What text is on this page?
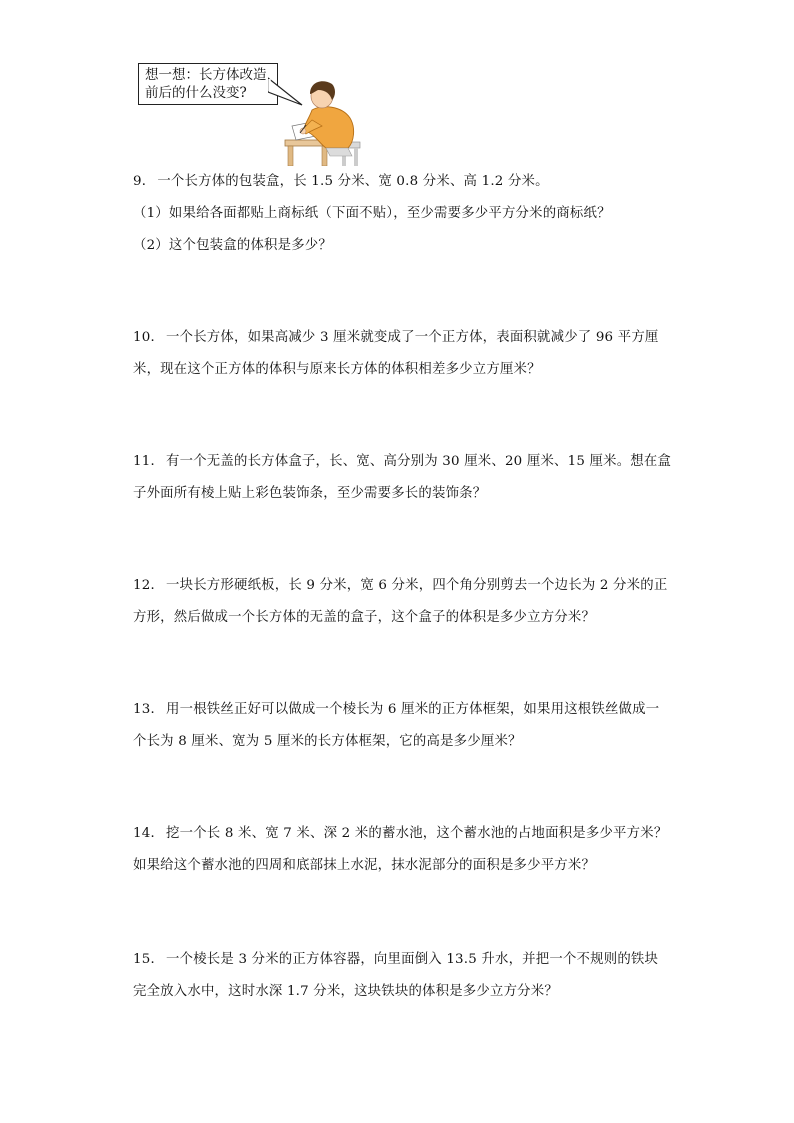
想一想：长方体改造
前后的什么没变?
9． 一个长方体的包装盒，长 1.5 分米、宽 0.8 分米、高 1.2 分米。
（1）如果给各面都贴上商标纸（下面不贴），至少需要多少平方分米的商标纸？
（2）这个包装盒的体积是多少？
10． 一个长方体，如果高减少 3 厘米就变成了一个正方体，表面积就减少了 96 平方厘
米，现在这个正方体的体积与原来长方体的体积相差多少立方厘米？
11． 有一个无盖的长方体盒子，长、宽、高分别为 30 厘米、20 厘米、15 厘米。想在盒
子外面所有棱上贴上彩色装饰条，至少需要多长的装饰条？
12． 一块长方形硬纸板，长 9 分米，宽 6 分米，四个角分别剪去一个边长为 2 分米的正
方形，然后做成一个长方体的无盖的盒子，这个盒子的体积是多少立方分米？
13． 用一根铁丝正好可以做成一个棱长为 6 厘米的正方体框架，如果用这根铁丝做成一
个长为 8 厘米、宽为 5 厘米的长方体框架，它的高是多少厘米？
14． 挖一个长 8 米、宽 7 米、深 2 米的蓄水池，这个蓄水池的占地面积是多少平方米？
如果给这个蓄水池的四周和底部抹上水泥，抹水泥部分的面积是多少平方米？
15． 一个棱长是 3 分米的正方体容器，向里面倒入 13.5 升水，并把一个不规则的铁块
完全放入水中，这时水深 1.7 分米，这块铁块的体积是多少立方分米？
